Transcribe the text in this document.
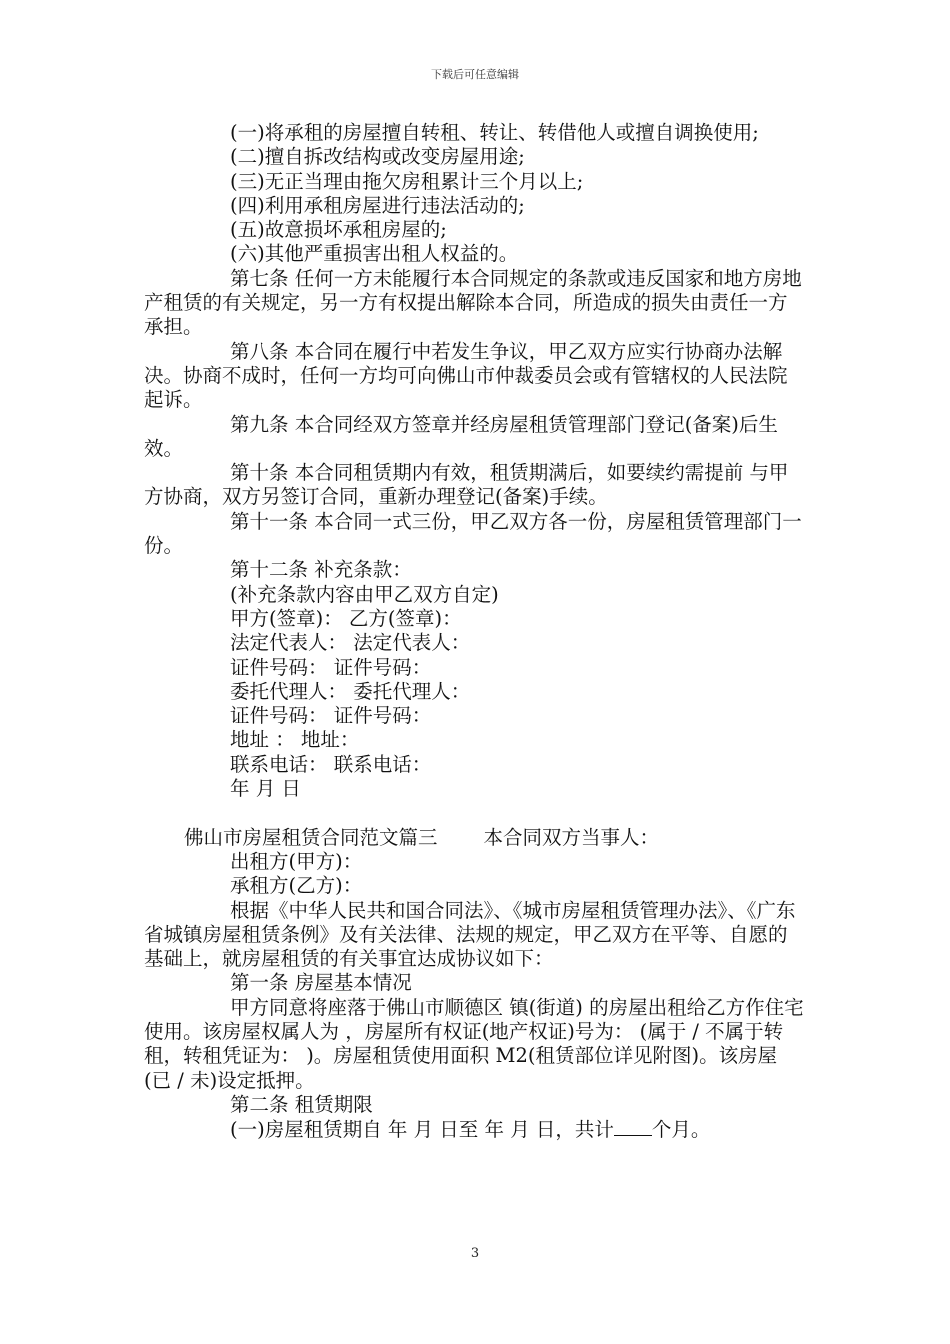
下载后可任意编辑

(一)将承租的房屋擅自转租、转让、转借他人或擅自调换使用;

(二)擅自拆改结构或改变房屋用途;

(三)无正当理由拖欠房租累计三个月以上;

(四)利用承租房屋进行违法活动的;

(五)故意损坏承租房屋的;

(六)其他严重损害出租人权益的。

第七条 任何一方未能履行本合同规定的条款或违反国家和地方房地产租赁的有关规定，另一方有权提出解除本合同，所造成的损失由责任一方承担。

第八条 本合同在履行中若发生争议，甲乙双方应实行协商办法解决。协商不成时，任何一方均可向佛山市仲裁委员会或有管辖权的人民法院起诉。

第九条 本合同经双方签章并经房屋租赁管理部门登记(备案)后生效。

第十条 本合同租赁期内有效，租赁期满后，如要续约需提前 与甲方协商，双方另签订合同，重新办理登记(备案)手续。

第十一条 本合同一式三份，甲乙双方各一份，房屋租赁管理部门一份。

第十二条 补充条款：

(补充条款内容由甲乙双方自定)

甲方(签章)： 乙方(签章)：

法定代表人： 法定代表人：

证件号码： 证件号码：

委托代理人： 委托代理人：

证件号码： 证件号码：

地址 ： 地址：

联系电话： 联系电话：

年 月 日

佛山市房屋租赁合同范文篇三 本合同双方当事人：

出租方(甲方)：

承租方(乙方)：

根据《中华人民共和国合同法》、《城市房屋租赁管理办法》、《广东省城镇房屋租赁条例》及有关法律、法规的规定，甲乙双方在平等、自愿的基础上，就房屋租赁的有关事宜达成协议如下：

第一条 房屋基本情况

甲方同意将座落于佛山市顺德区 镇(街道) 的房屋出租给乙方作住宅使用。该房屋权属人为 ，房屋所有权证(地产权证)号为： (属于 / 不属于转租，转租凭证为： )。房屋租赁使用面积 M2(租赁部位详见附图)。该房屋(已 / 未)设定抵押。

第二条 租赁期限

(一)房屋租赁期自 年 月 日至 年 月 日，共计 个月。

3
